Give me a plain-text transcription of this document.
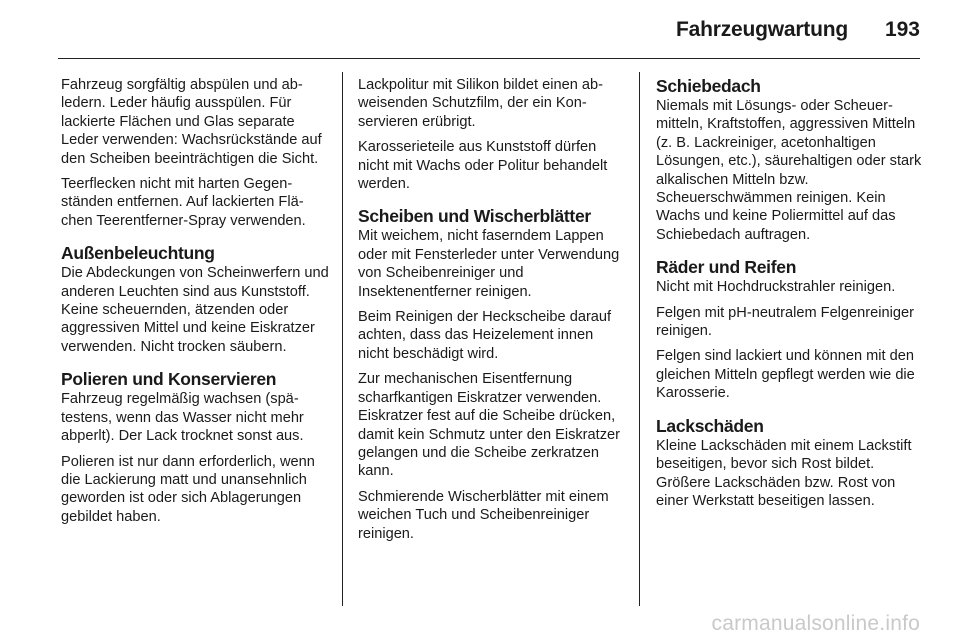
Fahrzeugwartung 193

Fahrzeug sorgfältig abspülen und abledern. Leder häufig ausspülen. Für lackierte Flächen und Glas separate Leder verwenden: Wachsrückstände auf den Scheiben beeinträchtigen die Sicht.

Teerflecken nicht mit harten Gegenständen entfernen. Auf lackierten Flächen Teerentferner-Spray verwenden.

Außenbeleuchtung

Die Abdeckungen von Scheinwerfern und anderen Leuchten sind aus Kunststoff. Keine scheuernden, ätzenden oder aggressiven Mittel und keine Eiskratzer verwenden. Nicht trocken säubern.

Polieren und Konservieren

Fahrzeug regelmäßig wachsen (spätestens, wenn das Wasser nicht mehr abperlt). Der Lack trocknet sonst aus.

Polieren ist nur dann erforderlich, wenn die Lackierung matt und unansehnlich geworden ist oder sich Ablagerungen gebildet haben.

Lackpolitur mit Silikon bildet einen abweisenden Schutzfilm, der ein Konservieren erübrigt.

Karosserieteile aus Kunststoff dürfen nicht mit Wachs oder Politur behandelt werden.

Scheiben und Wischerblätter

Mit weichem, nicht faserndem Lappen oder mit Fensterleder unter Verwendung von Scheibenreiniger und Insektenentferner reinigen.

Beim Reinigen der Heckscheibe darauf achten, dass das Heizelement innen nicht beschädigt wird.

Zur mechanischen Eisentfernung scharfkantigen Eiskratzer verwenden. Eiskratzer fest auf die Scheibe drücken, damit kein Schmutz unter den Eiskratzer gelangen und die Scheibe zerkratzen kann.

Schmierende Wischerblätter mit einem weichen Tuch und Scheibenreiniger reinigen.

Schiebedach

Niemals mit Lösungs- oder Scheuermitteln, Kraftstoffen, aggressiven Mitteln (z. B. Lackreiniger, acetonhaltigen Lösungen, etc.), säurehaltigen oder stark alkalischen Mitteln bzw. Scheuerschwämmen reinigen. Kein Wachs und keine Poliermittel auf das Schiebedach auftragen.

Räder und Reifen

Nicht mit Hochdruckstrahler reinigen.

Felgen mit pH-neutralem Felgenreiniger reinigen.

Felgen sind lackiert und können mit den gleichen Mitteln gepflegt werden wie die Karosserie.

Lackschäden

Kleine Lackschäden mit einem Lackstift beseitigen, bevor sich Rost bildet. Größere Lackschäden bzw. Rost von einer Werkstatt beseitigen lassen.

carmanualsonline.info
